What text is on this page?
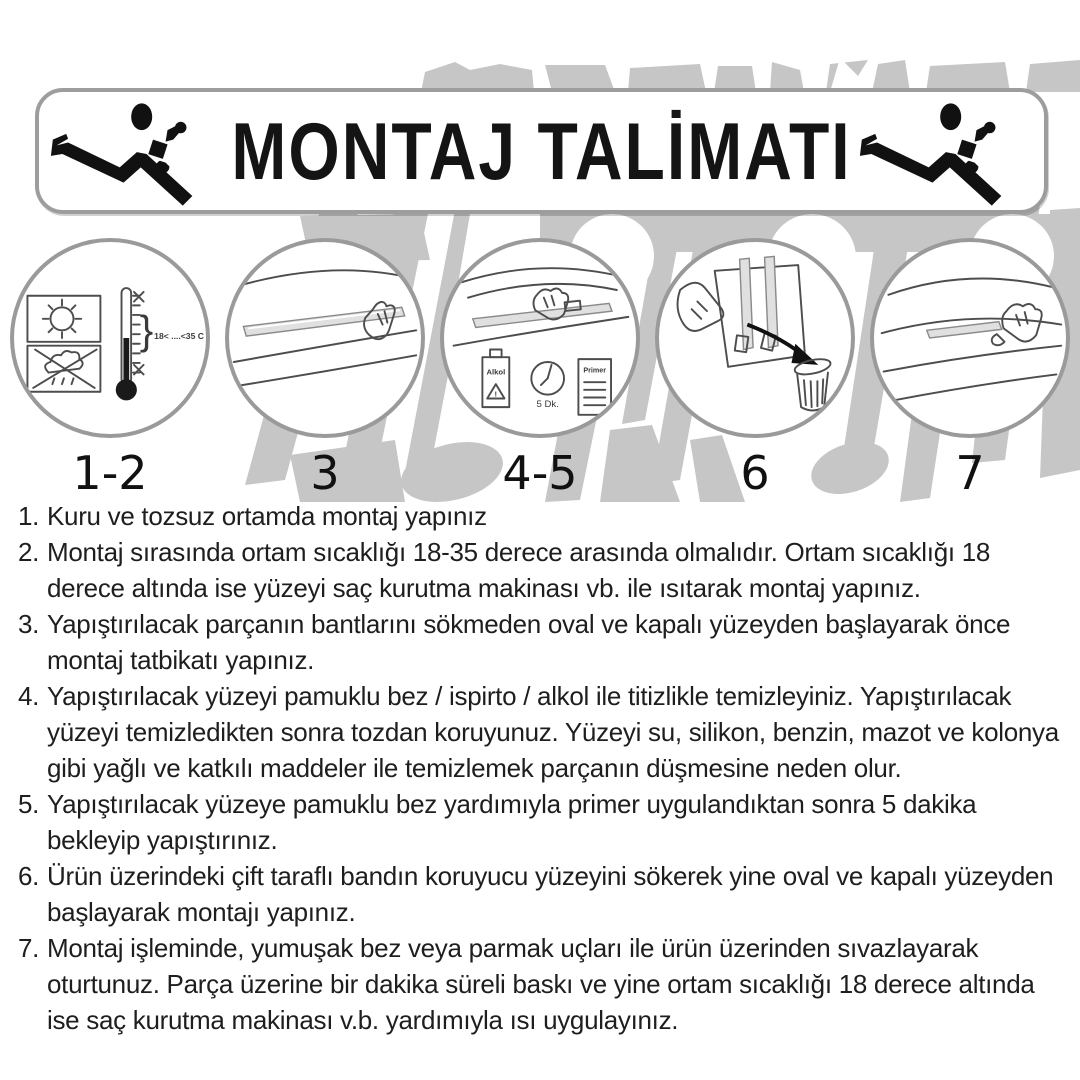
MONTAJ TALİMATI
} 18< ....<35 C
1-2	3
Alkol
!
5 Dk.
Primer
4-5	6	7
Kuru ve tozsuz ortamda montaj yapınız
Montaj sırasında ortam sıcaklığı 18-35 derece arasında olmalıdır. Ortam sıcaklığı 18 derece altında ise yüzeyi saç kurutma makinası vb. ile ısıtarak montaj yapınız.
Yapıştırılacak parçanın bantlarını sökmeden oval ve kapalı yüzeyden başlayarak önce montaj tatbikatı yapınız.
Yapıştırılacak yüzeyi pamuklu bez / ispirto / alkol ile titizlikle temizleyiniz. Yapıştırılacak yüzeyi temizledikten sonra tozdan koruyunuz. Yüzeyi su, silikon, benzin, mazot ve kolonya gibi yağlı ve katkılı maddeler ile temizlemek parçanın düşmesine neden olur.
Yapıştırılacak yüzeye pamuklu bez yardımıyla primer uygulandıktan sonra 5 dakika bekleyip yapıştırınız.
Ürün üzerindeki çift taraflı bandın koruyucu yüzeyini sökerek yine oval ve kapalı yüzeyden başlayarak montajı yapınız.
Montaj işleminde, yumuşak bez veya parmak uçları ile ürün üzerinden sıvazlayarak oturtunuz. Parça üzerine bir dakika süreli baskı ve yine ortam sıcaklığı 18 derece altında ise saç kurutma makinası v.b. yardımıyla ısı uygulayınız.
